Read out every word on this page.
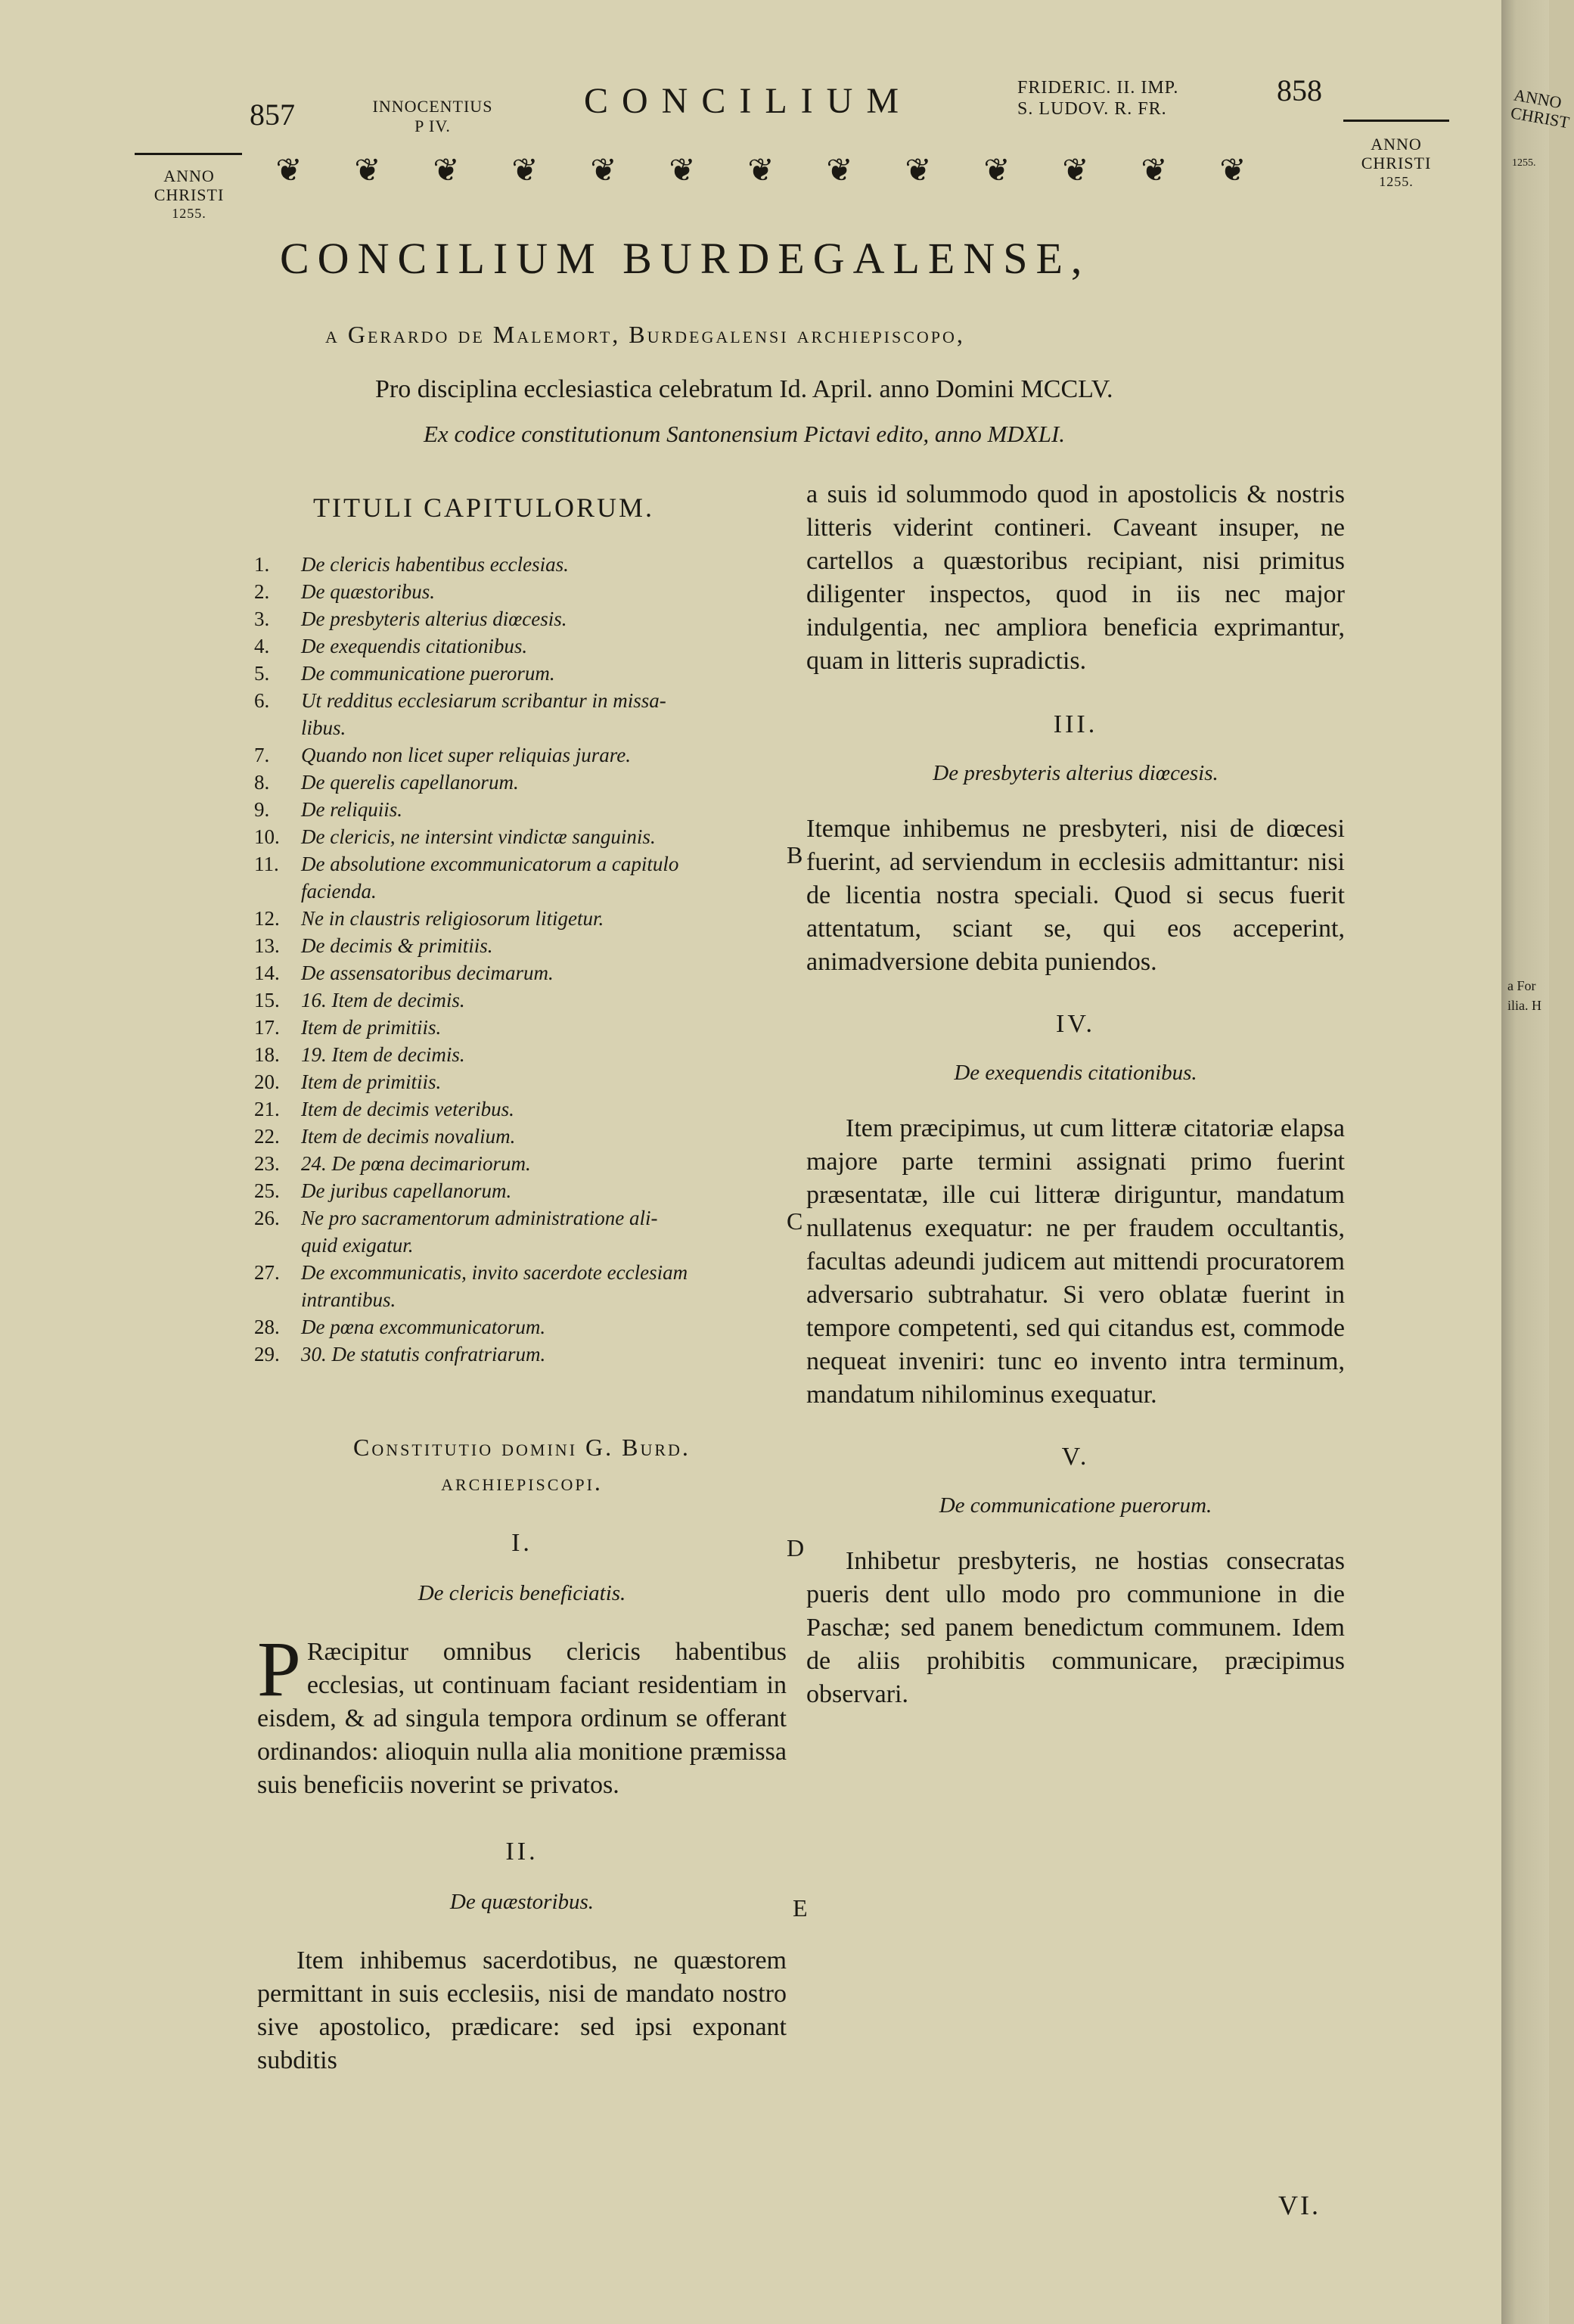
857	INNOCENTIUS
P IV.
CONCILIUM	FRIDERIC. II. IMP.
S. LUDOV. R. FR.
858
ANNO
CHRISTI
1255.
ANNO
CHRISTI
1255.
❦ ❦ ❦ ❦ ❦ ❦ ❦ ❦ ❦ ❦ ❦ ❦ ❦
CONCILIUM BURDEGALENSE,
a Gerardo de Malemort, Burdegalensi archiepiscopo,
Pro disciplina ecclesiastica celebratum Id. April. anno Domini MCCLV.
Ex codice constitutionum Santonensium Pictavi edito, anno MDXLI.
TITULI CAPITULORUM.
1.	De clericis habentibus ecclesias.
2.	De quæstoribus.
3.	De presbyteris alterius diœcesis.
4.	De exequendis citationibus.
5.	De communicatione puerorum.
6.	Ut redditus ecclesiarum scribantur in missa-
libus.
7.	Quando non licet super reliquias jurare.
8.	De querelis capellanorum.
9.	De reliquiis.
10.	De clericis, ne intersint vindictæ sanguinis.
11.	De absolutione excommunicatorum a capitulo
facienda.
12.	Ne in claustris religiosorum litigetur.
13.	De decimis & primitiis.
14.	De assensatoribus decimarum.
15.	16. Item de decimis.
17.	Item de primitiis.
18.	19. Item de decimis.
20.	Item de primitiis.
21.	Item de decimis veteribus.
22.	Item de decimis novalium.
23.	24. De pœna decimariorum.
25.	De juribus capellanorum.
26.	Ne pro sacramentorum administratione ali-
quid exigatur.
27.	De excommunicatis, invito sacerdote ecclesiam
intrantibus.
28.	De pœna excommunicatorum.
29.	30. De statutis confratriarum.
Constitutio domini G. Burd.
archiepiscopi.
I.
De clericis beneficiatis.

P Ræcipitur omnibus clericis habentibus ecclesias, ut continuam faciant residentiam in eisdem, & ad singula tempora ordinum se offerant ordinandos: alioquin nulla alia monitione præmissa suis beneficiis noverint se privatos.

II.
De quæstoribus.

Item inhibemus sacerdotibus, ne quæstorem permittant in suis ecclesiis, nisi de mandato nostro sive apostolico, prædicare: sed ipsi exponant subditis

a suis id solummodo quod in apostolicis & nostris litteris viderint contineri. Caveant insuper, ne cartellos a quæstoribus recipiant, nisi primitus diligenter inspectos, quod in iis nec major indulgentia, nec ampliora beneficia exprimantur, quam in litteris supradictis.

III.
De presbyteris alterius diœcesis.

Itemque inhibemus ne presbyteri, nisi de diœcesi fuerint, ad serviendum in ecclesiis admittantur: nisi de licentia nostra speciali. Quod si secus fuerit attentatum, sciant se, qui eos acceperint, animadversione debita puniendos.

IV.
De exequendis citationibus.

Item præcipimus, ut cum litteræ citatoriæ elapsa majore parte termini assignati primo fuerint præsentatæ, ille cui litteræ diriguntur, mandatum nullatenus exequatur: ne per fraudem occultantis, facultas adeundi judicem aut mittendi procuratorem adversario subtrahatur. Si vero oblatæ fuerint in tempore competenti, sed qui citandus est, commode nequeat inveniri: tunc eo invento intra terminum, mandatum nihilominus exequatur.

V.
De communicatione puerorum.

Inhibetur presbyteris, ne hostias consecratas pueris dent ullo modo pro communione in die Paschæ; sed panem benedictum communem. Idem de aliis prohibitis communicare, præcipimus observari.

B
C
D
E
VI.
ANNO CHRIST
1255.
a For
ilia. H
